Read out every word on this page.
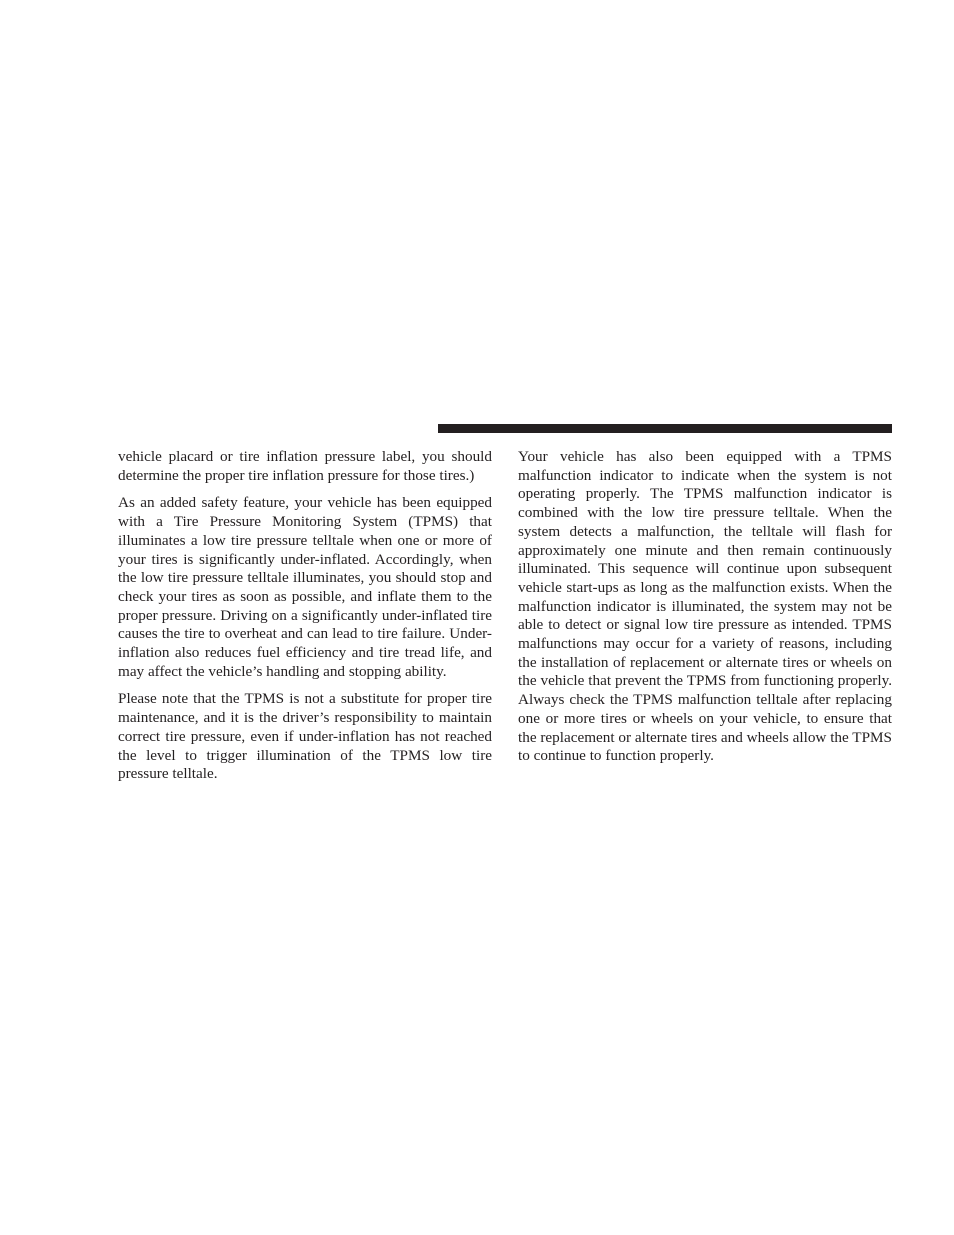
vehicle placard or tire inflation pressure label, you should determine the proper tire inflation pressure for those tires.)

As an added safety feature, your vehicle has been equipped with a Tire Pressure Monitoring System (TPMS) that illuminates a low tire pressure telltale when one or more of your tires is significantly under-inflated. Accordingly, when the low tire pressure telltale illuminates, you should stop and check your tires as soon as possible, and inflate them to the proper pressure. Driving on a significantly under-inflated tire causes the tire to overheat and can lead to tire failure. Under-inflation also reduces fuel efficiency and tire tread life, and may affect the vehicle’s handling and stopping ability.

Please note that the TPMS is not a substitute for proper tire maintenance, and it is the driver’s responsibility to maintain correct tire pressure, even if under-inflation has not reached the level to trigger illumination of the TPMS low tire pressure telltale.

Your vehicle has also been equipped with a TPMS malfunction indicator to indicate when the system is not operating properly. The TPMS malfunction indicator is combined with the low tire pressure telltale. When the system detects a malfunction, the telltale will flash for approximately one minute and then remain continuously illuminated. This sequence will continue upon subsequent vehicle start-ups as long as the malfunction exists. When the malfunction indicator is illuminated, the system may not be able to detect or signal low tire pressure as intended. TPMS malfunctions may occur for a variety of reasons, including the installation of replacement or alternate tires or wheels on the vehicle that prevent the TPMS from functioning properly. Always check the TPMS malfunction telltale after replacing one or more tires or wheels on your vehicle, to ensure that the replacement or alternate tires and wheels allow the TPMS to continue to function properly.
